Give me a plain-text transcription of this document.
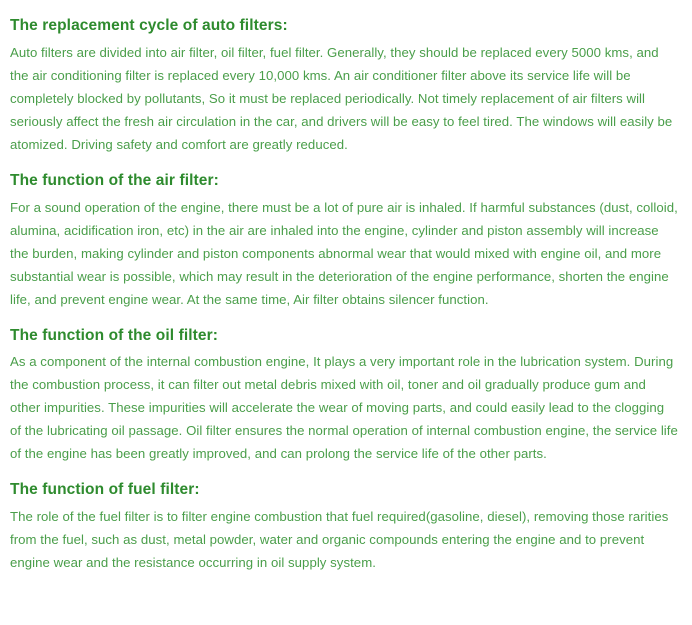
The replacement cycle of auto filters:

Auto filters are divided into air filter, oil filter, fuel filter. Generally, they should be replaced every 5000 kms, and the air conditioning filter is replaced every 10,000 kms. An air conditioner filter above its service life will be completely blocked by pollutants, So it must be replaced periodically. Not timely replacement of air filters will seriously affect the fresh air circulation in the car, and drivers will be easy to feel tired. The windows will easily be atomized. Driving safety and comfort are greatly reduced.

The function of the air filter:

For a sound operation of the engine, there must be a lot of pure air is inhaled. If harmful substances (dust, colloid, alumina, acidification iron, etc) in the air are inhaled into the engine, cylinder and piston assembly will increase the burden, making cylinder and piston components abnormal wear that would mixed with engine oil, and more substantial wear is possible, which may result in the deterioration of the engine performance, shorten the engine life, and prevent engine wear. At the same time, Air filter obtains silencer function.

The function of the oil filter:

As a component of the internal combustion engine, It plays a very important role in the lubrication system. During the combustion process, it can filter out metal debris mixed with oil, toner and oil gradually produce gum and other impurities. These impurities will accelerate the wear of moving parts, and could easily lead to the clogging of the lubricating oil passage. Oil filter ensures the normal operation of internal combustion engine, the service life of the engine has been greatly improved, and can prolong the service life of the other parts.

The function of fuel filter:

The role of the fuel filter is to filter engine combustion that fuel required(gasoline, diesel), removing those rarities from the fuel, such as dust, metal powder, water and organic compounds entering the engine and to prevent engine wear and the resistance occurring in oil supply system.
